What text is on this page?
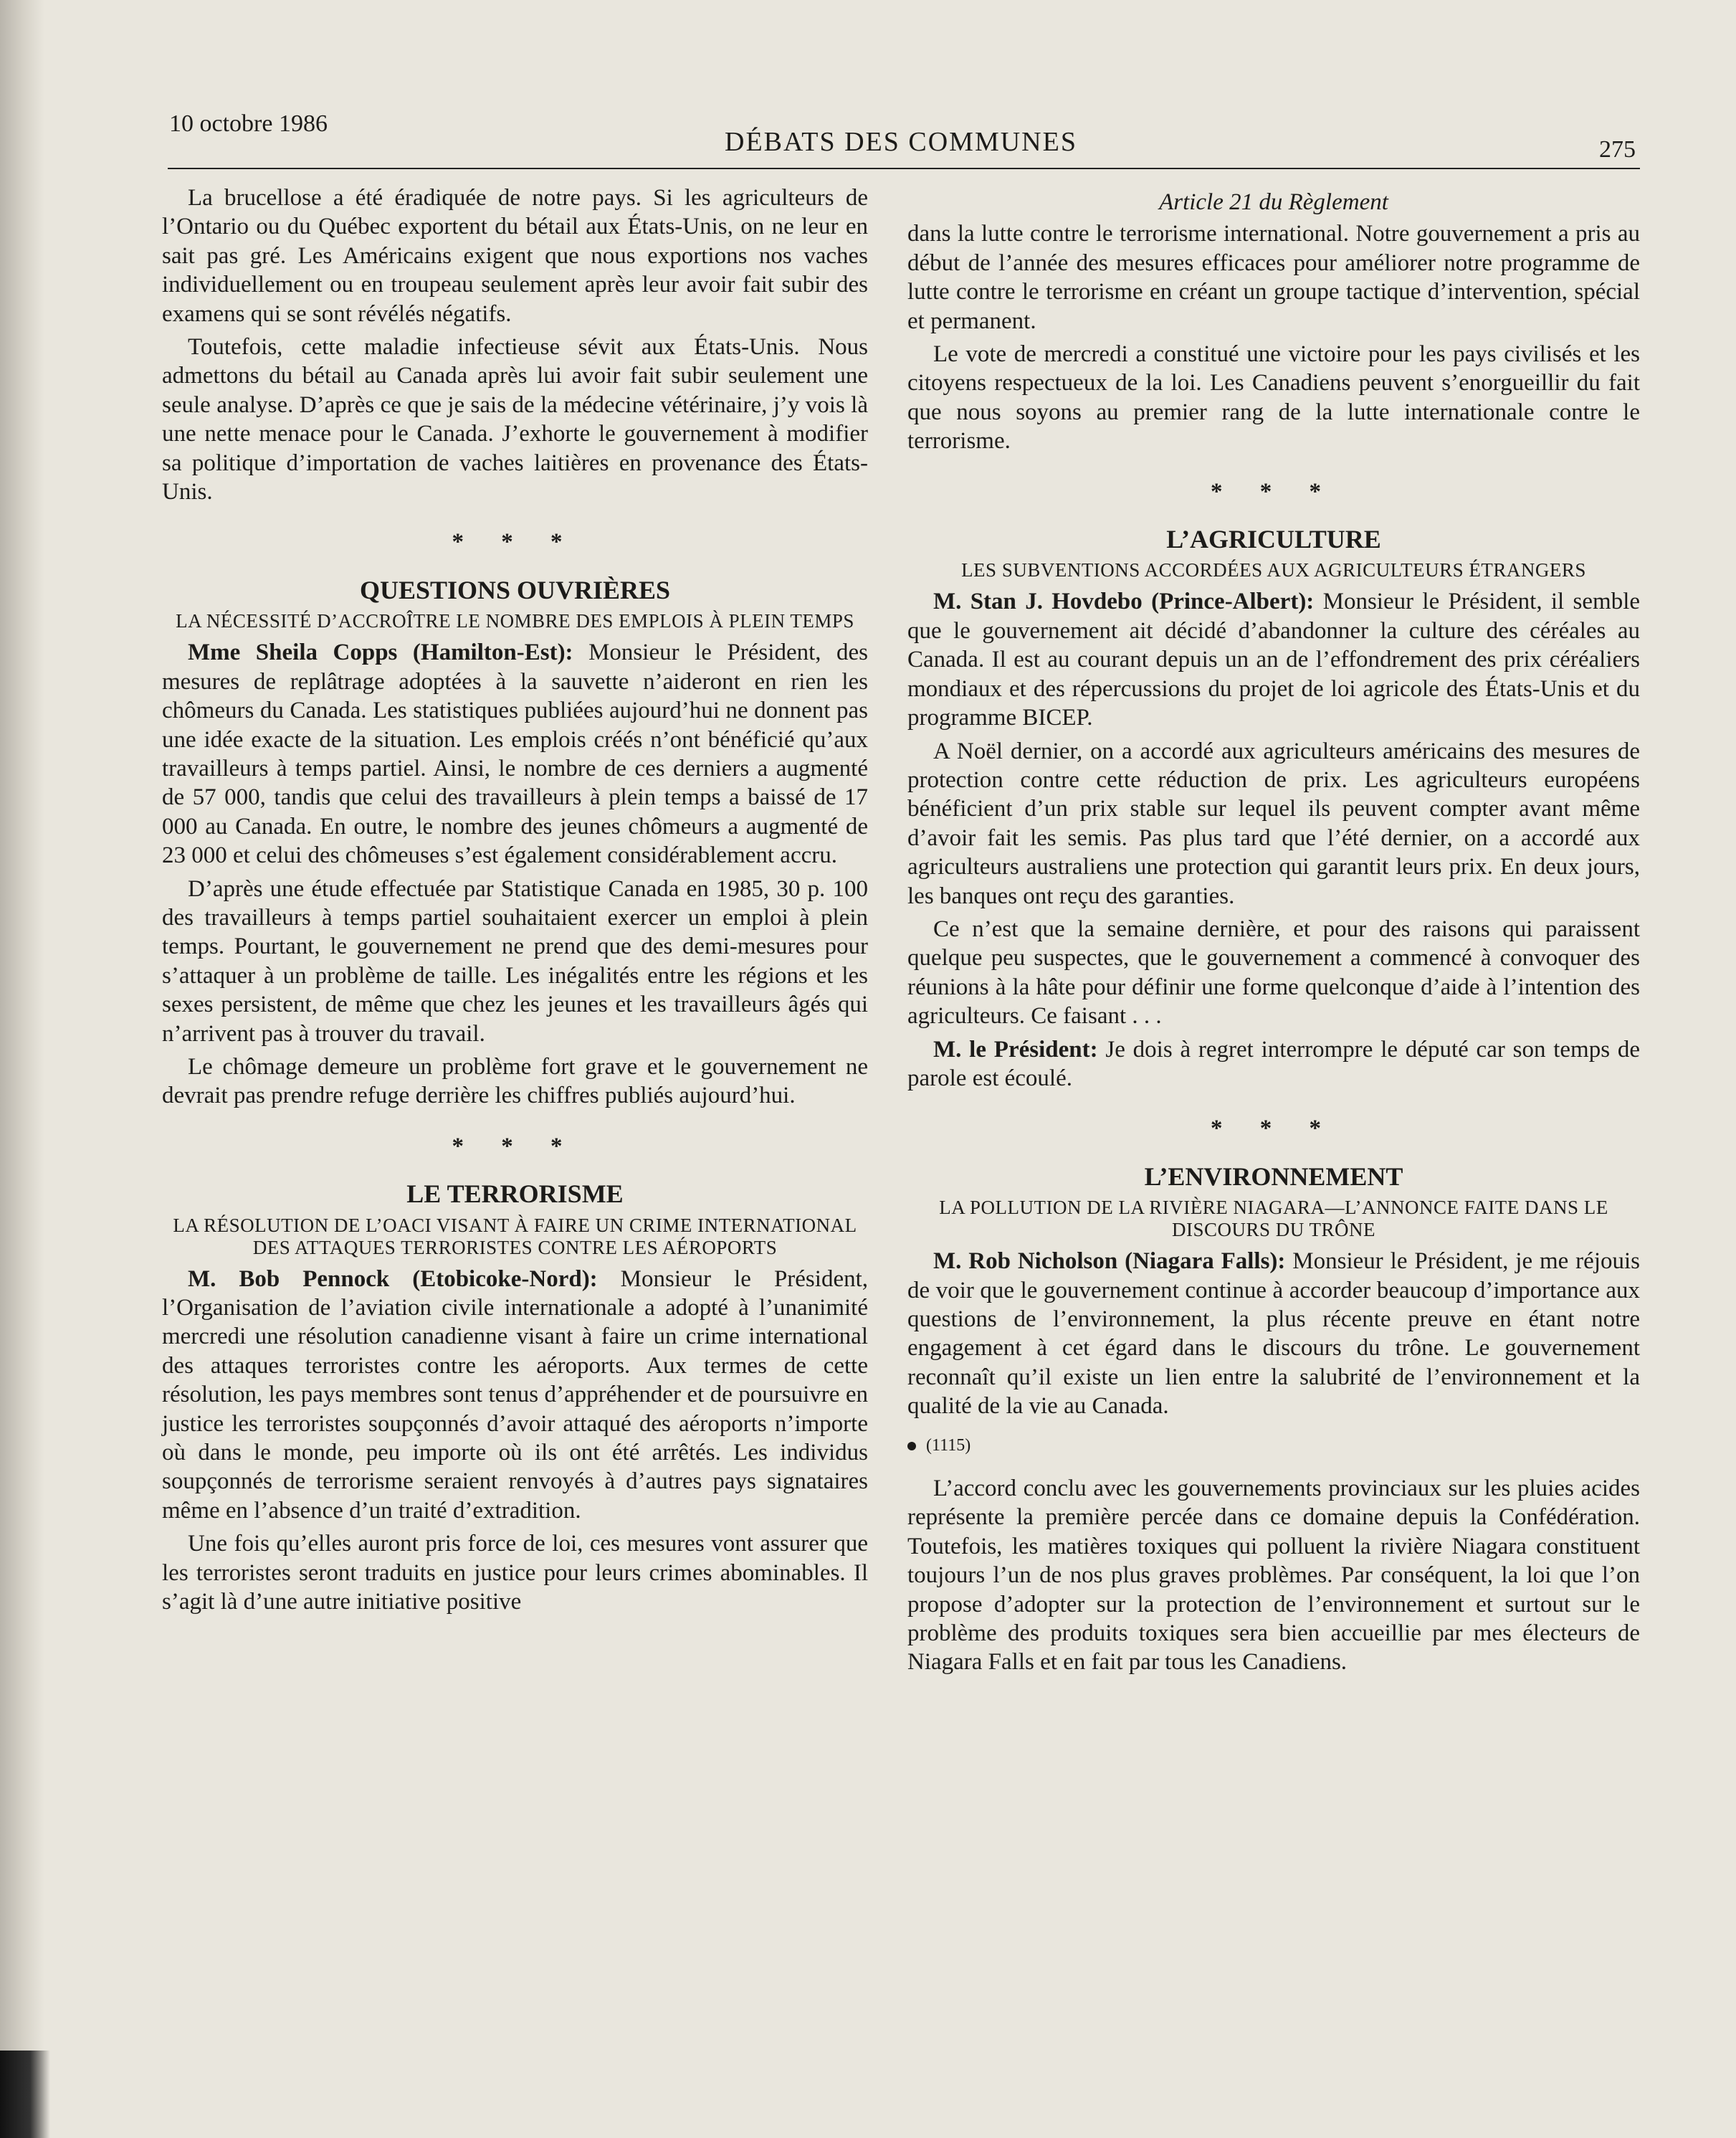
10 octobre 1986
DÉBATS DES COMMUNES	275

La brucellose a été éradiquée de notre pays. Si les agriculteurs de l’Ontario ou du Québec exportent du bétail aux États-Unis, on ne leur en sait pas gré. Les Américains exigent que nous exportions nos vaches individuellement ou en troupeau seulement après leur avoir fait subir des examens qui se sont révélés négatifs.

Toutefois, cette maladie infectieuse sévit aux États-Unis. Nous admettons du bétail au Canada après lui avoir fait subir seulement une seule analyse. D’après ce que je sais de la médecine vétérinaire, j’y vois là une nette menace pour le Canada. J’exhorte le gouvernement à modifier sa politique d’importation de vaches laitières en provenance des États-Unis.

* * *
QUESTIONS OUVRIÈRES
LA NÉCESSITÉ D’ACCROÎTRE LE NOMBRE DES EMPLOIS À PLEIN TEMPS

Mme Sheila Copps (Hamilton-Est): Monsieur le Président, des mesures de replâtrage adoptées à la sauvette n’aideront en rien les chômeurs du Canada. Les statistiques publiées aujourd’hui ne donnent pas une idée exacte de la situation. Les emplois créés n’ont bénéficié qu’aux travailleurs à temps partiel. Ainsi, le nombre de ces derniers a augmenté de 57 000, tandis que celui des travailleurs à plein temps a baissé de 17 000 au Canada. En outre, le nombre des jeunes chômeurs a augmenté de 23 000 et celui des chômeuses s’est également considérablement accru.

D’après une étude effectuée par Statistique Canada en 1985, 30 p. 100 des travailleurs à temps partiel souhaitaient exercer un emploi à plein temps. Pourtant, le gouvernement ne prend que des demi-mesures pour s’attaquer à un problème de taille. Les inégalités entre les régions et les sexes persistent, de même que chez les jeunes et les travailleurs âgés qui n’arrivent pas à trouver du travail.

Le chômage demeure un problème fort grave et le gouvernement ne devrait pas prendre refuge derrière les chiffres publiés aujourd’hui.

* * *
LE TERRORISME
LA RÉSOLUTION DE L’OACI VISANT À FAIRE UN CRIME INTERNATIONAL DES ATTAQUES TERRORISTES CONTRE LES AÉROPORTS

M. Bob Pennock (Etobicoke-Nord): Monsieur le Président, l’Organisation de l’aviation civile internationale a adopté à l’unanimité mercredi une résolution canadienne visant à faire un crime international des attaques terroristes contre les aéroports. Aux termes de cette résolution, les pays membres sont tenus d’appréhender et de poursuivre en justice les terroristes soupçonnés d’avoir attaqué des aéroports n’importe où dans le monde, peu importe où ils ont été arrêtés. Les individus soupçonnés de terrorisme seraient renvoyés à d’autres pays signataires même en l’absence d’un traité d’extradition.

Une fois qu’elles auront pris force de loi, ces mesures vont assurer que les terroristes seront traduits en justice pour leurs crimes abominables. Il s’agit là d’une autre initiative positive

Article 21 du Règlement

dans la lutte contre le terrorisme international. Notre gouvernement a pris au début de l’année des mesures efficaces pour améliorer notre programme de lutte contre le terrorisme en créant un groupe tactique d’intervention, spécial et permanent.

Le vote de mercredi a constitué une victoire pour les pays civilisés et les citoyens respectueux de la loi. Les Canadiens peuvent s’enorgueillir du fait que nous soyons au premier rang de la lutte internationale contre le terrorisme.

* * *
L’AGRICULTURE
LES SUBVENTIONS ACCORDÉES AUX AGRICULTEURS ÉTRANGERS

M. Stan J. Hovdebo (Prince-Albert): Monsieur le Président, il semble que le gouvernement ait décidé d’abandonner la culture des céréales au Canada. Il est au courant depuis un an de l’effondrement des prix céréaliers mondiaux et des répercussions du projet de loi agricole des États-Unis et du programme BICEP.

A Noël dernier, on a accordé aux agriculteurs américains des mesures de protection contre cette réduction de prix. Les agriculteurs européens bénéficient d’un prix stable sur lequel ils peuvent compter avant même d’avoir fait les semis. Pas plus tard que l’été dernier, on a accordé aux agriculteurs australiens une protection qui garantit leurs prix. En deux jours, les banques ont reçu des garanties.

Ce n’est que la semaine dernière, et pour des raisons qui paraissent quelque peu suspectes, que le gouvernement a commencé à convoquer des réunions à la hâte pour définir une forme quelconque d’aide à l’intention des agriculteurs. Ce faisant . . .

M. le Président: Je dois à regret interrompre le député car son temps de parole est écoulé.

* * *
L’ENVIRONNEMENT
LA POLLUTION DE LA RIVIÈRE NIAGARA—L’ANNONCE FAITE DANS LE DISCOURS DU TRÔNE

M. Rob Nicholson (Niagara Falls): Monsieur le Président, je me réjouis de voir que le gouvernement continue à accorder beaucoup d’importance aux questions de l’environnement, la plus récente preuve en étant notre engagement à cet égard dans le discours du trône. Le gouvernement reconnaît qu’il existe un lien entre la salubrité de l’environnement et la qualité de la vie au Canada.

(1115)

L’accord conclu avec les gouvernements provinciaux sur les pluies acides représente la première percée dans ce domaine depuis la Confédération. Toutefois, les matières toxiques qui polluent la rivière Niagara constituent toujours l’un de nos plus graves problèmes. Par conséquent, la loi que l’on propose d’adopter sur la protection de l’environnement et surtout sur le problème des produits toxiques sera bien accueillie par mes électeurs de Niagara Falls et en fait par tous les Canadiens.
